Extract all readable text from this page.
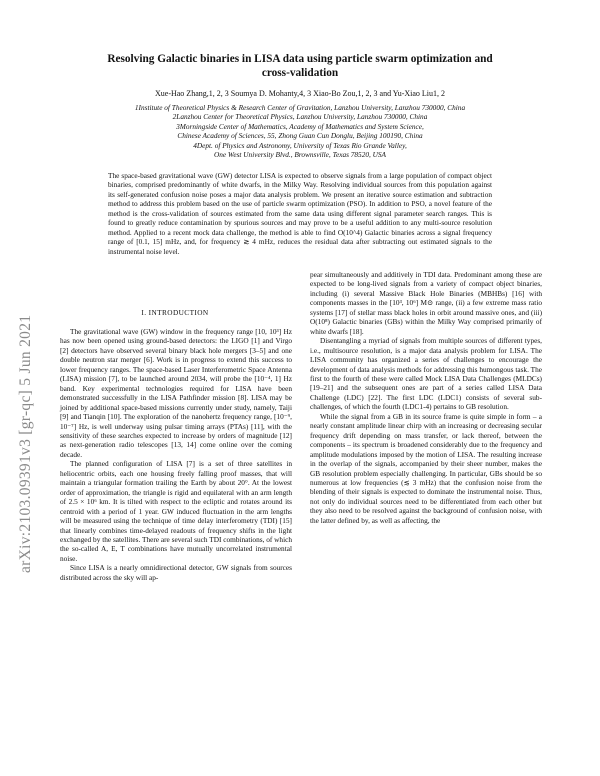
arXiv:2103.09391v3 [gr-qc] 5 Jun 2021
Resolving Galactic binaries in LISA data using particle swarm optimization and cross-validation
Xue-Hao Zhang,1, 2, 3 Soumya D. Mohanty,4, 3 Xiao-Bo Zou,1, 2, 3 and Yu-Xiao Liu1, 2
1Institute of Theoretical Physics & Research Center of Gravitation, Lanzhou University, Lanzhou 730000, China
2Lanzhou Center for Theoretical Physics, Lanzhou University, Lanzhou 730000, China
3Morningside Center of Mathematics, Academy of Mathematics and System Science,
Chinese Academy of Sciences, 55, Zhong Guan Cun Donglu, Beijing 100190, China
4Dept. of Physics and Astronomy, University of Texas Rio Grande Valley,
One West University Blvd., Brownsville, Texas 78520, USA
The space-based gravitational wave (GW) detector LISA is expected to observe signals from a large population of compact object binaries, comprised predominantly of white dwarfs, in the Milky Way. Resolving individual sources from this population against its self-generated confusion noise poses a major data analysis problem. We present an iterative source estimation and subtraction method to address this problem based on the use of particle swarm optimization (PSO). In addition to PSO, a novel feature of the method is the cross-validation of sources estimated from the same data using different signal parameter search ranges. This is found to greatly reduce contamination by spurious sources and may prove to be a useful addition to any multi-source resolution method. Applied to a recent mock data challenge, the method is able to find O(10^4) Galactic binaries across a signal frequency range of [0.1, 15] mHz, and, for frequency ≳ 4 mHz, reduces the residual data after subtracting out estimated signals to the instrumental noise level.
I. INTRODUCTION

The gravitational wave (GW) window in the frequency range [10, 10³] Hz has now been opened using ground-based detectors: the LIGO [1] and Virgo [2] detectors have observed several binary black hole mergers [3–5] and one double neutron star merger [6]. Work is in progress to extend this success to lower frequency ranges. The space-based Laser Interferometric Space Antenna (LISA) mission [7], to be launched around 2034, will probe the [10⁻⁴, 1] Hz band. Key experimental technologies required for LISA have been demonstrated successfully in the LISA Pathfinder mission [8]. LISA may be joined by additional space-based missions currently under study, namely, Taiji [9] and Tianqin [10]. The exploration of the nanohertz frequency range, [10⁻⁹, 10⁻⁷] Hz, is well underway using pulsar timing arrays (PTAs) [11], with the sensitivity of these searches expected to increase by orders of magnitude [12] as next-generation radio telescopes [13, 14] come online over the coming decade.

The planned configuration of LISA [7] is a set of three satellites in heliocentric orbits, each one housing freely falling proof masses, that will maintain a triangular formation trailing the Earth by about 20°. At the lowest order of approximation, the triangle is rigid and equilateral with an arm length of 2.5 × 10⁶ km. It is tilted with respect to the ecliptic and rotates around its centroid with a period of 1 year. GW induced fluctuation in the arm lengths will be measured using the technique of time delay interferometry (TDI) [15] that linearly combines time-delayed readouts of frequency shifts in the light exchanged by the satellites. There are several such TDI combinations, of which the so-called A, E, T combinations have mutually uncorrelated instrumental noise.

Since LISA is a nearly omnidirectional detector, GW signals from sources distributed across the sky will ap-

pear simultaneously and additively in TDI data. Predominant among these are expected to be long-lived signals from a variety of compact object binaries, including (i) several Massive Black Hole Binaries (MBHBs) [16] with components masses in the [10³, 10⁶] M⊙ range, (ii) a few extreme mass ratio systems [17] of stellar mass black holes in orbit around massive ones, and (iii) O(10⁸) Galactic binaries (GBs) within the Milky Way comprised primarily of white dwarfs [18].

Disentangling a myriad of signals from multiple sources of different types, i.e., multisource resolution, is a major data analysis problem for LISA. The LISA community has organized a series of challenges to encourage the development of data analysis methods for addressing this humongous task. The first to the fourth of these were called Mock LISA Data Challenges (MLDCs) [19–21] and the subsequent ones are part of a series called LISA Data Challenge (LDC) [22]. The first LDC (LDC1) consists of several sub-challenges, of which the fourth (LDC1-4) pertains to GB resolution.

While the signal from a GB in its source frame is quite simple in form – a nearly constant amplitude linear chirp with an increasing or decreasing secular frequency drift depending on mass transfer, or lack thereof, between the components – its spectrum is broadened considerably due to the frequency and amplitude modulations imposed by the motion of LISA. The resulting increase in the overlap of the signals, accompanied by their sheer number, makes the GB resolution problem especially challenging. In particular, GBs should be so numerous at low frequencies (≲ 3 mHz) that the confusion noise from the blending of their signals is expected to dominate the instrumental noise. Thus, not only do individual sources need to be differentiated from each other but they also need to be resolved against the background of confusion noise, with the latter defined by, as well as affecting, the
